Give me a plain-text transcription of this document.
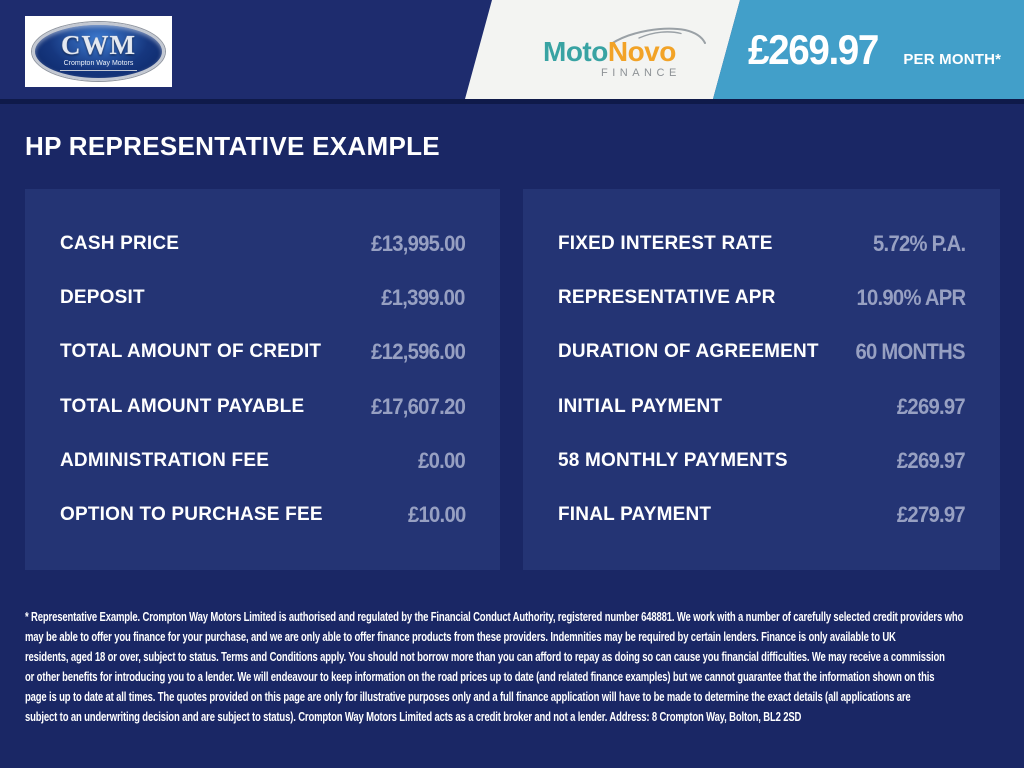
CWM
Crompton Way Motors	MotoNovo
FINANCE £269.97 PER MONTH*
HP REPRESENTATIVE EXAMPLE
CASH PRICE	£13,995.00
DEPOSIT	£1,399.00
TOTAL AMOUNT OF CREDIT £12,596.00
TOTAL AMOUNT PAYABLE	£17,607.20
ADMINISTRATION FEE	£0.00
OPTION TO PURCHASE FEE	£10.00
FIXED INTEREST RATE	5.72% P.A.
REPRESENTATIVE APR	10.90% APR
DURATION OF AGREEMENT 60 MONTHS
INITIAL PAYMENT	£269.97
58 MONTHLY PAYMENTS	£269.97
FINAL PAYMENT	£279.97
* Representative Example. Crompton Way Motors Limited is authorised and regulated by the Financial Conduct Authority, registered number 648881. We work with a number of carefully selected credit providers who
may be able to offer you finance for your purchase, and we are only able to offer finance products from these providers. Indemnities may be required by certain lenders. Finance is only available to UK
residents, aged 18 or over, subject to status. Terms and Conditions apply. You should not borrow more than you can afford to repay as doing so can cause you financial difficulties. We may receive a commission
or other benefits for introducing you to a lender. We will endeavour to keep information on the road prices up to date (and related finance examples) but we cannot guarantee that the information shown on this
page is up to date at all times. The quotes provided on this page are only for illustrative purposes only and a full finance application will have to be made to determine the exact details (all applications are
subject to an underwriting decision and are subject to status). Crompton Way Motors Limited acts as a credit broker and not a lender. Address: 8 Crompton Way, Bolton, BL2 2SD
